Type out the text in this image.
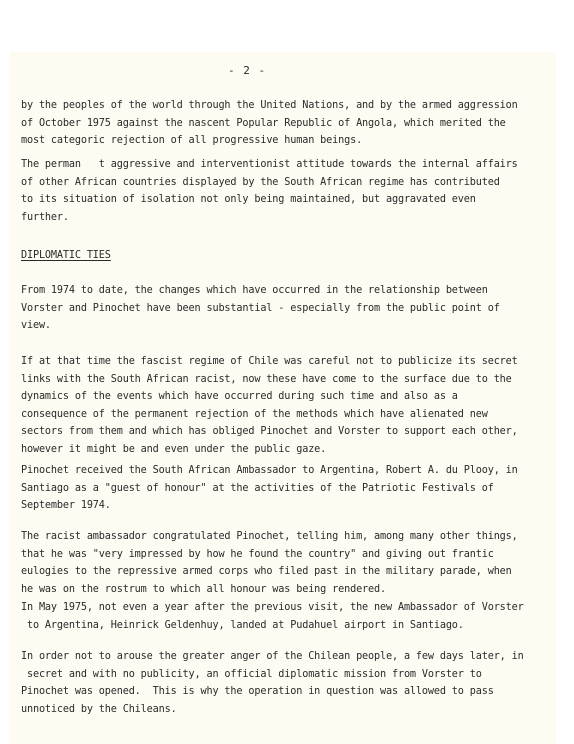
- 2 -

by the peoples of the world through the United Nations, and by the armed aggression
of October 1975 against the nascent Popular Republic of Angola, which merited the
most categoric rejection of all progressive human beings.

The perman   t aggressive and interventionist attitude towards the internal affairs
of other African countries displayed by the South African regime has contributed
to its situation of isolation not only being maintained, but aggravated even
further.

DIPLOMATIC TIES

From 1974 to date, the changes which have occurred in the relationship between
Vorster and Pinochet have been substantial - especially from the public point of
view.

If at that time the fascist regime of Chile was careful not to publicize its secret
links with the South African racist, now these have come to the surface due to the
dynamics of the events which have occurred during such time and also as a
consequence of the permanent rejection of the methods which have alienated new
sectors from them and which has obliged Pinochet and Vorster to support each other,
however it might be and even under the public gaze.

Pinochet received the South African Ambassador to Argentina, Robert A. du Plooy, in
Santiago as a "guest of honour" at the activities of the Patriotic Festivals of
September 1974.

The racist ambassador congratulated Pinochet, telling him, among many other things,
that he was "very impressed by how he found the country" and giving out frantic
eulogies to the repressive armed corps who filed past in the military parade, when
he was on the rostrum to which all honour was being rendered.

In May 1975, not even a year after the previous visit, the new Ambassador of Vorster
to Argentina, Heinrick Geldenhuy, landed at Pudahuel airport in Santiago.

In order not to arouse the greater anger of the Chilean people, a few days later, in
secret and with no publicity, an official diplomatic mission from Vorster to
Pinochet was opened.  This is why the operation in question was allowed to pass
unnoticed by the Chileans.
